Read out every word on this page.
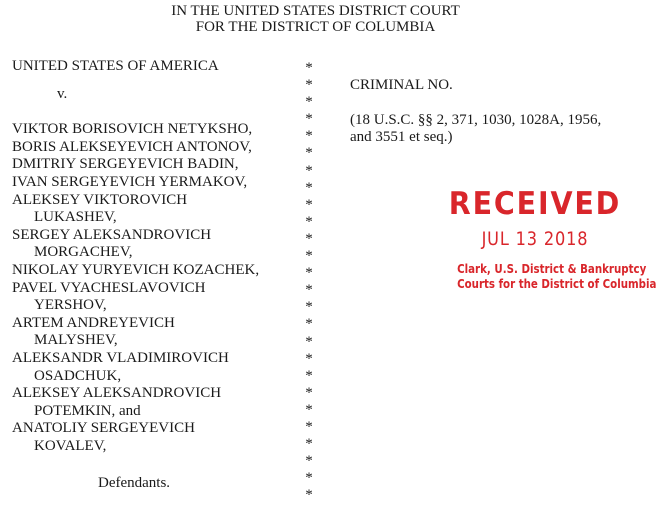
IN THE UNITED STATES DISTRICT COURT
FOR THE DISTRICT OF COLUMBIA
UNITED STATES OF AMERICA
v.
VIKTOR BORISOVICH NETYKSHO,
BORIS ALEKSEYEVICH ANTONOV,
DMITRIY SERGEYEVICH BADIN,
IVAN SERGEYEVICH YERMAKOV,
ALEKSEY VIKTOROVICH
LUKASHEV,
SERGEY ALEKSANDROVICH
MORGACHEV,
NIKOLAY YURYEVICH KOZACHEK,
PAVEL VYACHESLAVOVICH
YERSHOV,
ARTEM ANDREYEVICH
MALYSHEV,
ALEKSANDR VLADIMIROVICH
OSADCHUK,
ALEKSEY ALEKSANDROVICH
POTEMKIN, and
ANATOLIY SERGEYEVICH
KOVALEV,
Defendants.
*
*
*
*
*
*
*
*
*
*
*
*
*
*
*
*
*
*
*
*
*
*
*
*
*
*
CRIMINAL NO.
(18 U.S.C. §§ 2, 371, 1030, 1028A, 1956,
and 3551 et seq.)
RECEIVED
JUL 13 2018
Clark, U.S. District & Bankruptcy
Courts for the District of Columbia
